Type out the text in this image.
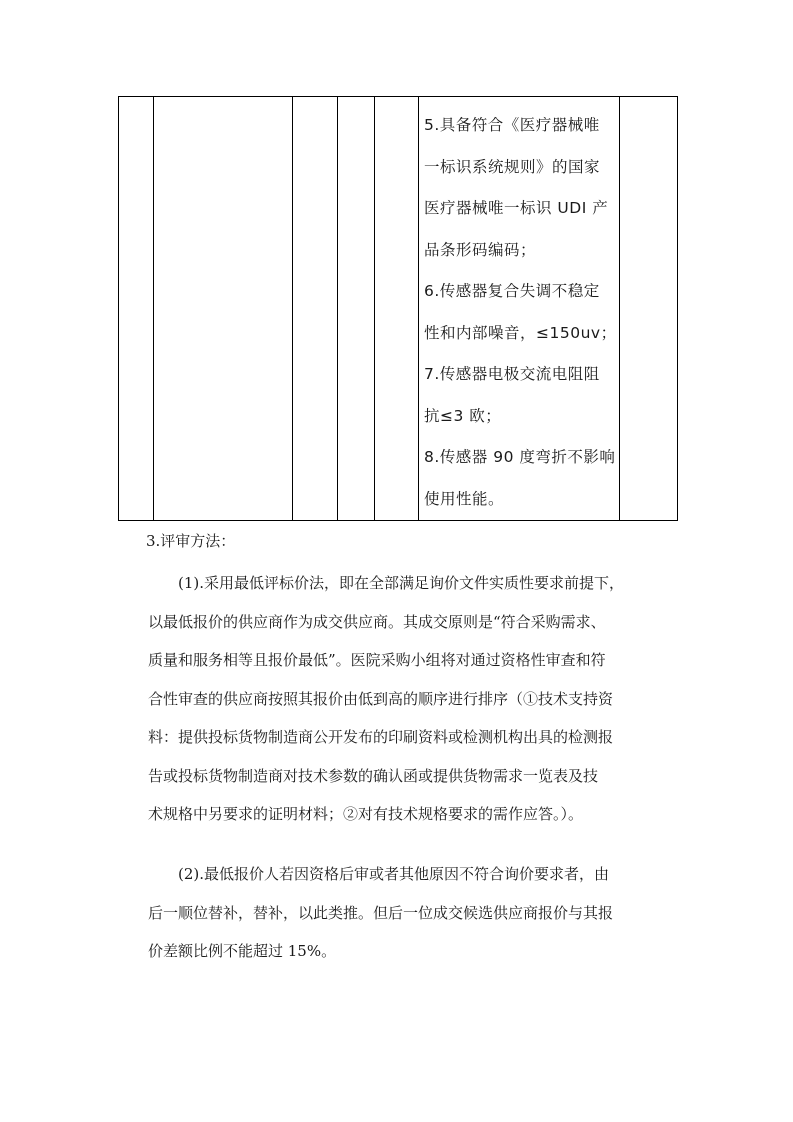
5.具备符合《医疗器械唯
一标识系统规则》的国家
医疗器械唯一标识 UDI 产
品条形码编码；
6.传感器复合失调不稳定
性和内部噪音，≤150uv；
7.传感器电极交流电阻阻
抗≤3 欧；
8.传感器 90 度弯折不影响
使用性能。

3.评审方法：
(1).采用最低评标价法，即在全部满足询价文件实质性要求前提下，
以最低报价的供应商作为成交供应商。其成交原则是“符合采购需求、
质量和服务相等且报价最低”。医院采购小组将对通过资格性审查和符
合性审查的供应商按照其报价由低到高的顺序进行排序（①技术支持资
料：提供投标货物制造商公开发布的印刷资料或检测机构出具的检测报
告或投标货物制造商对技术参数的确认函或提供货物需求一览表及技
术规格中另要求的证明材料；②对有技术规格要求的需作应答。）。
(2).最低报价人若因资格后审或者其他原因不符合询价要求者，由
后一顺位替补，替补，以此类推。但后一位成交候选供应商报价与其报
价差额比例不能超过 15%。
